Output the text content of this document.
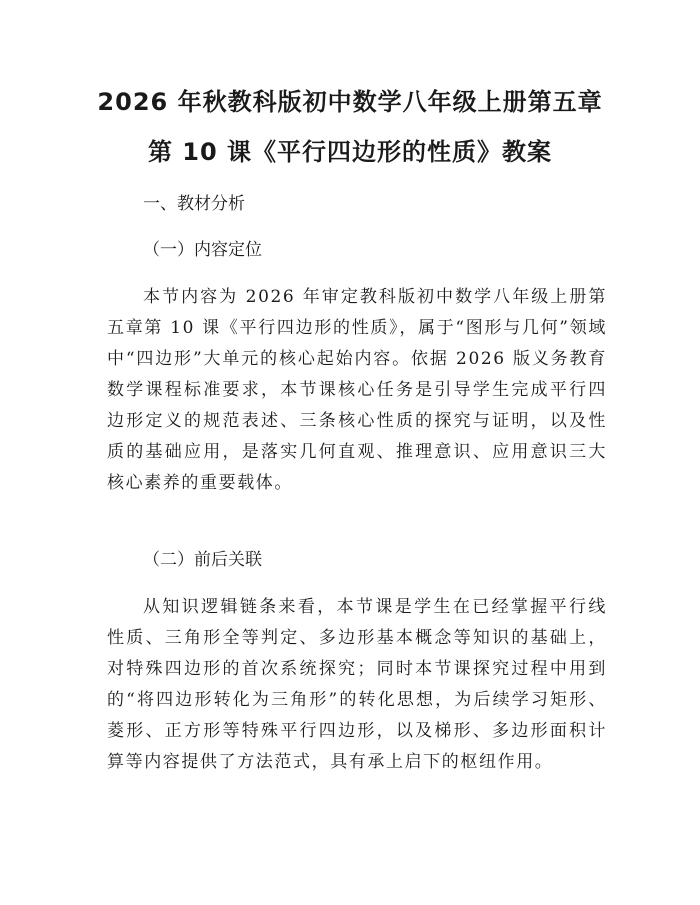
2026 年秋教科版初中数学八年级上册第五章
第 10 课《平行四边形的性质》教案
一、教材分析
（一）内容定位

本节内容为 2026 年审定教科版初中数学八年级上册第五章第 10 课《平行四边形的性质》，属于“图形与几何”领域中“四边形”大单元的核心起始内容。依据 2026 版义务教育数学课程标准要求，本节课核心任务是引导学生完成平行四边形定义的规范表述、三条核心性质的探究与证明，以及性质的基础应用，是落实几何直观、推理意识、应用意识三大核心素养的重要载体。

（二）前后关联

从知识逻辑链条来看，本节课是学生在已经掌握平行线性质、三角形全等判定、多边形基本概念等知识的基础上，对特殊四边形的首次系统探究；同时本节课探究过程中用到的“将四边形转化为三角形”的转化思想，为后续学习矩形、菱形、正方形等特殊平行四边形，以及梯形、多边形面积计算等内容提供了方法范式，具有承上启下的枢纽作用。
